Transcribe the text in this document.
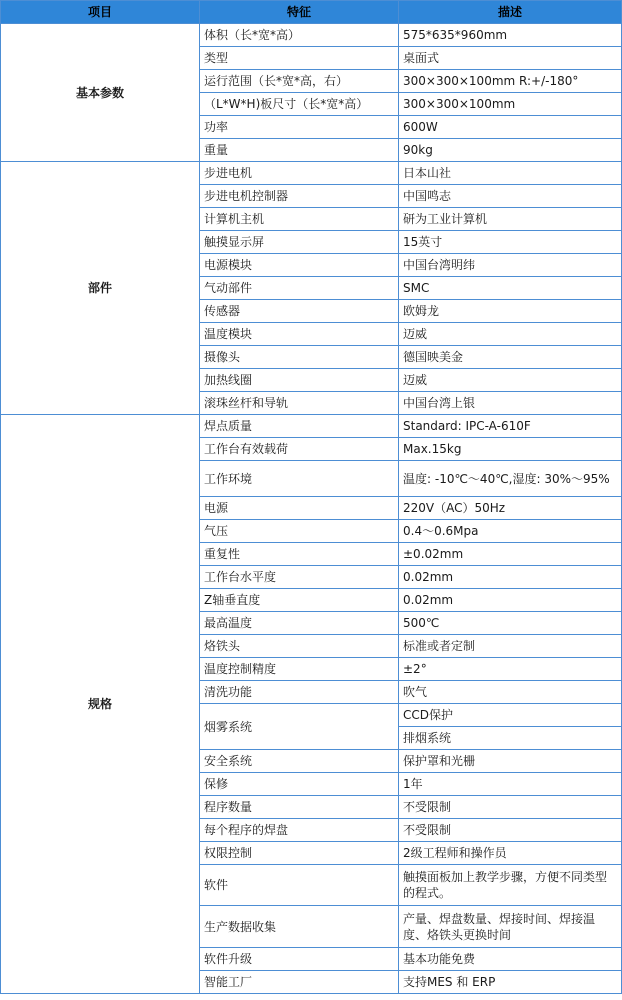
项目	特征	描述
基本参数	体积（长*宽*高）	575*635*960mm
	类型	桌面式
	运行范围（长*宽*高，右）	300×300×100mm R:+/-180°
	（L*W*H)板尺寸（长*宽*高）	300×300×100mm
	功率	600W
	重量	90kg
部件	步进电机	日本山社
	步进电机控制器	中国鸣志
	计算机主机	研为工业计算机
	触摸显示屏	15英寸
	电源模块	中国台湾明纬
	气动部件	SMC
	传感器	欧姆龙
	温度模块	迈威
	摄像头	德国映美金
	加热线圈	迈威
	滚珠丝杆和导轨	中国台湾上银
规格	焊点质量	Standard: IPC-A-610F
	工作台有效载荷	Max.15kg
	工作环境	温度: -10℃～40℃,湿度: 30%～95%
	电源	220V（AC）50Hz
	气压	0.4～0.6Mpa
	重复性	±0.02mm
	工作台水平度	0.02mm
	Z轴垂直度	0.02mm
	最高温度	500℃
	烙铁头	标准或者定制
	温度控制精度	±2°
	清洗功能	吹气
	烟雾系统	CCD保护
		排烟系统
	安全系统	保护罩和光栅
	保修	1年
	程序数量	不受限制
	每个程序的焊盘	不受限制
	权限控制	2级工程师和操作员
	软件	触摸面板加上教学步骤，方便不同类型的程式。
	生产数据收集	产量、焊盘数量、焊接时间、焊接温度、烙铁头更换时间
	软件升级	基本功能免费
	智能工厂	支持MES 和 ERP
